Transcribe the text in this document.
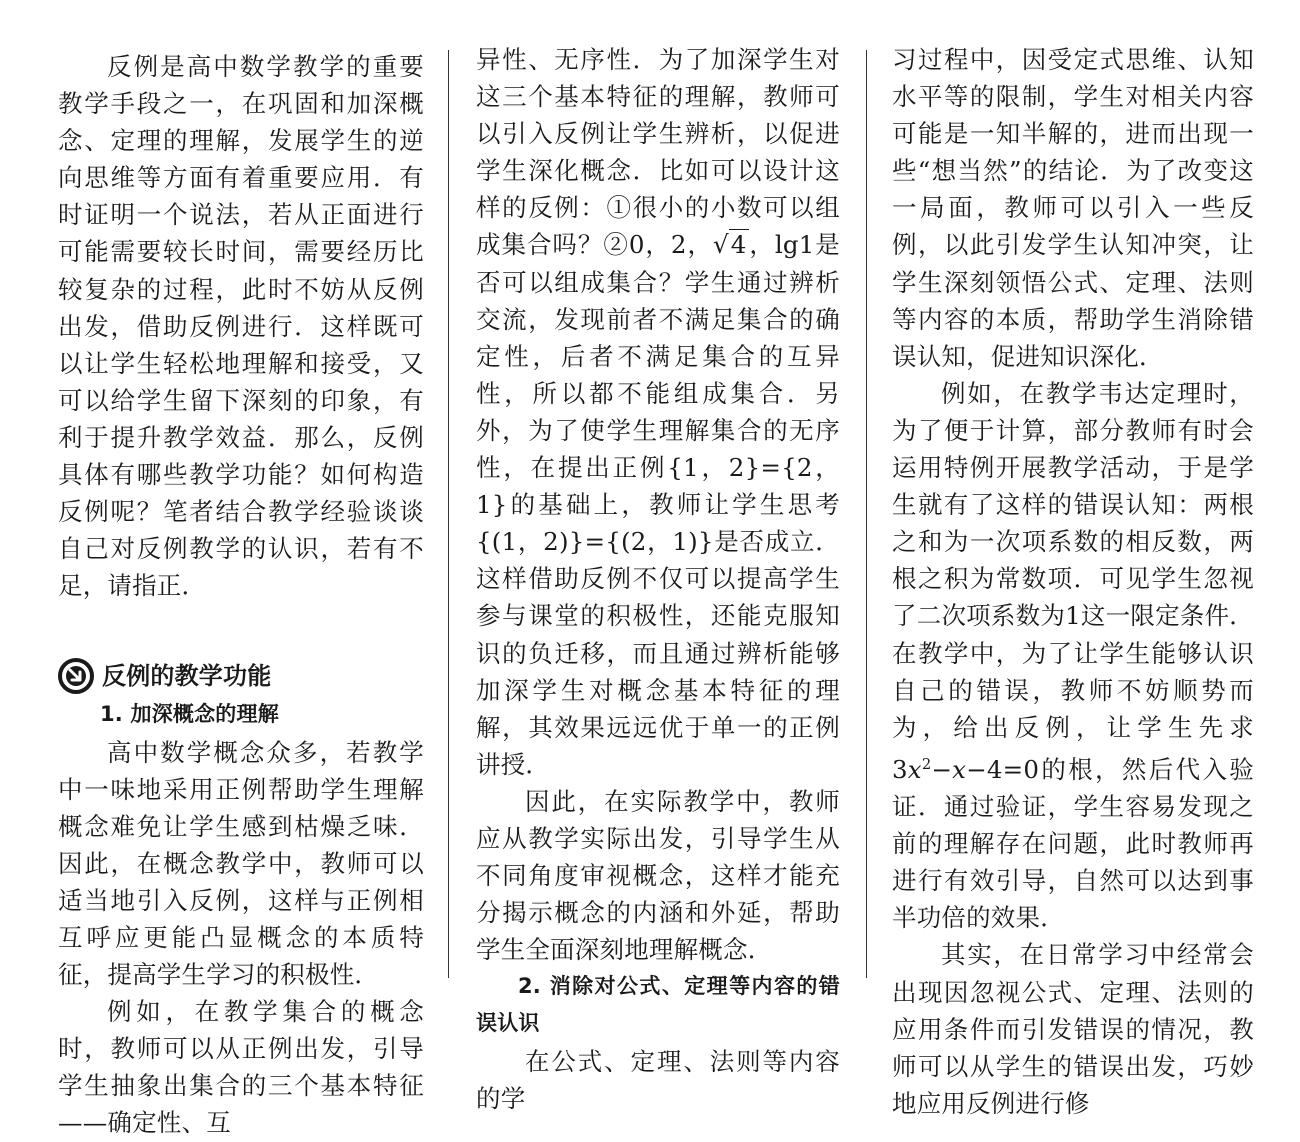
反例是高中数学教学的重要教学手段之一，在巩固和加深概念、定理的理解，发展学生的逆向思维等方面有着重要应用．有时证明一个说法，若从正面进行可能需要较长时间，需要经历比较复杂的过程，此时不妨从反例出发，借助反例进行．这样既可以让学生轻松地理解和接受，又可以给学生留下深刻的印象，有利于提升教学效益．那么，反例具体有哪些教学功能？如何构造反例呢？笔者结合教学经验谈谈自己对反例教学的认识，若有不足，请指正．

反例的教学功能
1. 加深概念的理解

高中数学概念众多，若教学中一味地采用正例帮助学生理解概念难免让学生感到枯燥乏味．因此，在概念教学中，教师可以适当地引入反例，这样与正例相互呼应更能凸显概念的本质特征，提高学生学习的积极性．

例如，在教学集合的概念时，教师可以从正例出发，引导学生抽象出集合的三个基本特征——确定性、互

异性、无序性．为了加深学生对这三个基本特征的理解，教师可以引入反例让学生辨析，以促进学生深化概念．比如可以设计这样的反例：①很小的小数可以组成集合吗？②0，2，√4，lg1是否可以组成集合？学生通过辨析交流，发现前者不满足集合的确定性，后者不满足集合的互异性，所以都不能组成集合．另外，为了使学生理解集合的无序性，在提出正例{1，2}={2，1}的基础上，教师让学生思考{(1，2)}={(2，1)}是否成立．这样借助反例不仅可以提高学生参与课堂的积极性，还能克服知识的负迁移，而且通过辨析能够加深学生对概念基本特征的理解，其效果远远优于单一的正例讲授．

因此，在实际教学中，教师应从教学实际出发，引导学生从不同角度审视概念，这样才能充分揭示概念的内涵和外延，帮助学生全面深刻地理解概念．

2. 消除对公式、定理等内容的错误认识

在公式、定理、法则等内容的学

习过程中，因受定式思维、认知水平等的限制，学生对相关内容可能是一知半解的，进而出现一些“想当然”的结论．为了改变这一局面，教师可以引入一些反例，以此引发学生认知冲突，让学生深刻领悟公式、定理、法则等内容的本质，帮助学生消除错误认知，促进知识深化．

例如，在教学韦达定理时，为了便于计算，部分教师有时会运用特例开展教学活动，于是学生就有了这样的错误认知：两根之和为一次项系数的相反数，两根之积为常数项．可见学生忽视了二次项系数为1这一限定条件．在教学中，为了让学生能够认识自己的错误，教师不妨顺势而为，给出反例，让学生先求$3x^2-x-4=0$的根，然后代入验证．通过验证，学生容易发现之前的理解存在问题，此时教师再进行有效引导，自然可以达到事半功倍的效果．

其实，在日常学习中经常会出现因忽视公式、定理、法则的应用条件而引发错误的情况，教师可以从学生的错误出发，巧妙地应用反例进行修
